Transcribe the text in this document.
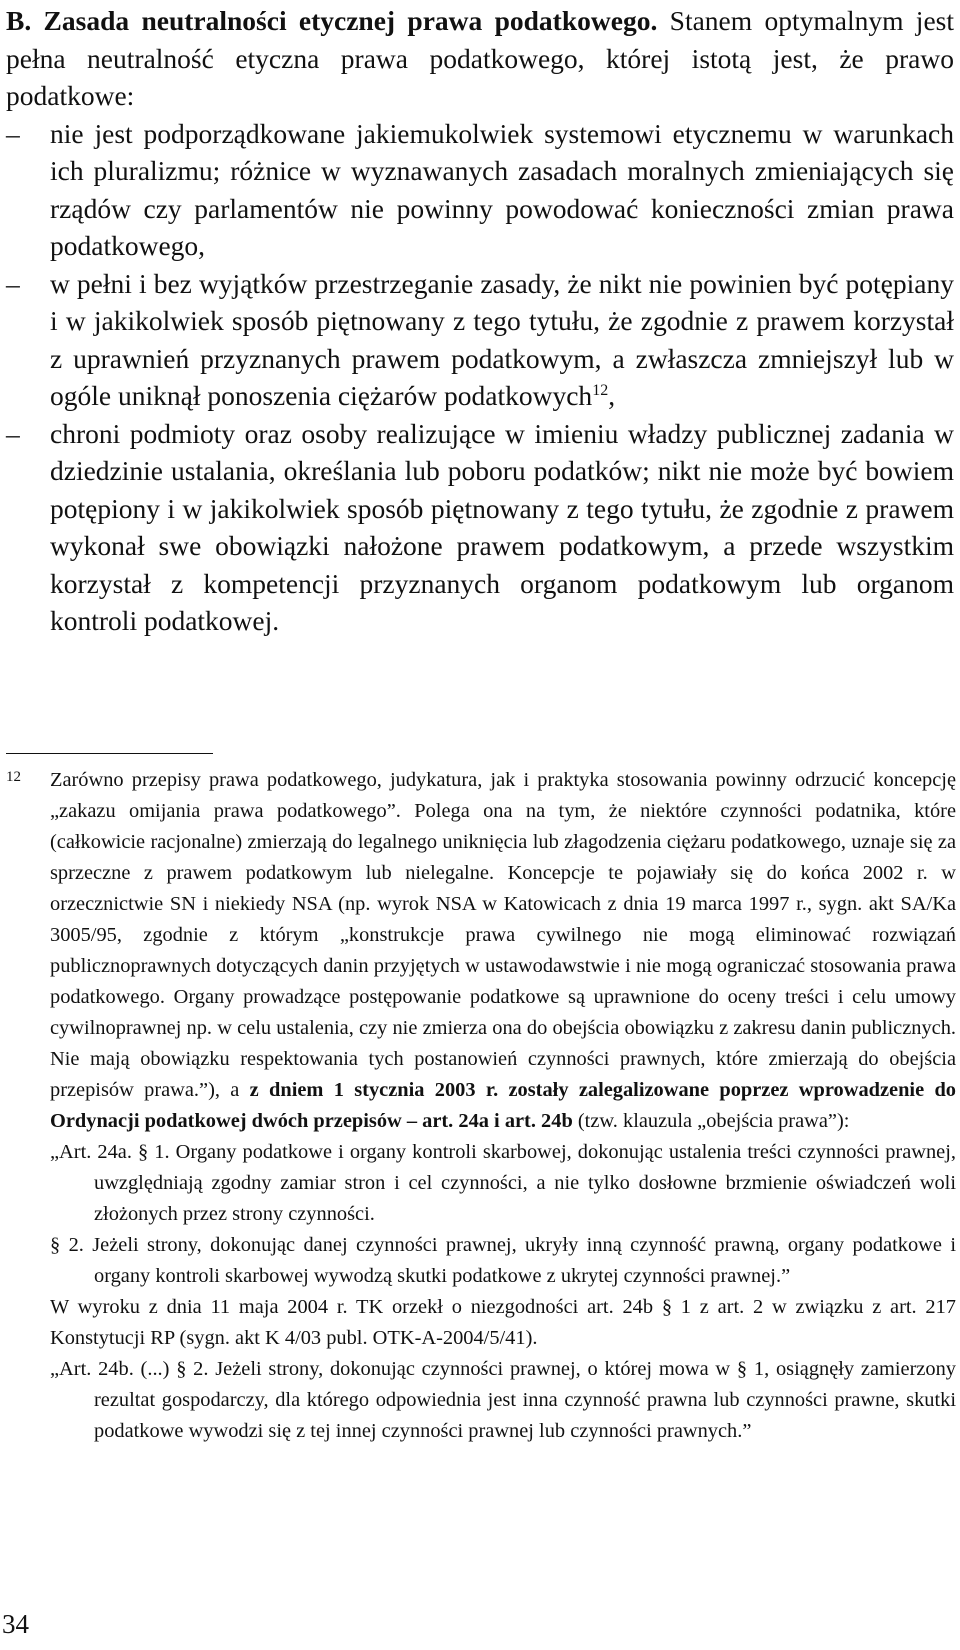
B. Zasada neutralności etycznej prawa podatkowego. Stanem optymalnym jest pełna neutralność etyczna prawa podatkowego, której istotą jest, że prawo podatkowe:

– nie jest podporządkowane jakiemukolwiek systemowi etycznemu w warunkach ich pluralizmu; różnice w wyznawanych zasadach moralnych zmieniających się rządów czy parlamentów nie powinny powodować konieczności zmian prawa podatkowego,
– w pełni i bez wyjątków przestrzeganie zasady, że nikt nie powinien być potępiany i w jakikolwiek sposób piętnowany z tego tytułu, że zgodnie z prawem korzystał z uprawnień przyznanych prawem podatkowym, a zwłaszcza zmniejszył lub w ogóle uniknął ponoszenia ciężarów podatkowych$^{12}$,
– chroni podmioty oraz osoby realizujące w imieniu władzy publicznej zadania w dziedzinie ustalania, określania lub poboru podatków; nikt nie może być bowiem potępiony i w jakikolwiek sposób piętnowany z tego tytułu, że zgodnie z prawem wykonał swe obowiązki nałożone prawem podatkowym, a przede wszystkim korzystał z kompetencji przyznanych organom podatkowym lub organom kontroli podatkowej.
12 Zarówno przepisy prawa podatkowego, judykatura, jak i praktyka stosowania powinny odrzucić koncepcję „zakazu omijania prawa podatkowego”. Polega ona na tym, że niektóre czynności podatnika, które (całkowicie racjonalne) zmierzają do legalnego uniknięcia lub złagodzenia ciężaru podatkowego, uznaje się za sprzeczne z prawem podatkowym lub nielegalne. Koncepcje te pojawiały się do końca 2002 r. w orzecznictwie SN i niekiedy NSA (np. wyrok NSA w Katowicach z dnia 19 marca 1997 r., sygn. akt SA/Ka 3005/95, zgodnie z którym „konstrukcje prawa cywilnego nie mogą eliminować rozwiązań publicznoprawnych dotyczących danin przyjętych w ustawodawstwie i nie mogą ograniczać stosowania prawa podatkowego. Organy prowadzące postępowanie podatkowe są uprawnione do oceny treści i celu umowy cywilnoprawnej np. w celu ustalenia, czy nie zmierza ona do obejścia obowiązku z zakresu danin publicznych. Nie mają obowiązku respektowania tych postanowień czynności prawnych, które zmierzają do obejścia przepisów prawa.”), a z dniem 1 stycznia 2003 r. zostały zalegalizowane poprzez wprowadzenie do Ordynacji podatkowej dwóch przepisów – art. 24a i art. 24b (tzw. klauzula „obejścia prawa”):

„Art. 24a. § 1. Organy podatkowe i organy kontroli skarbowej, dokonując ustalenia treści czynności prawnej, uwzględniają zgodny zamiar stron i cel czynności, a nie tylko dosłowne brzmienie oświadczeń woli złożonych przez strony czynności.

§ 2. Jeżeli strony, dokonując danej czynności prawnej, ukryły inną czynność prawną, organy podatkowe i organy kontroli skarbowej wywodzą skutki podatkowe z ukrytej czynności prawnej.”

W wyroku z dnia 11 maja 2004 r. TK orzekł o niezgodności art. 24b § 1 z art. 2 w związku z art. 217 Konstytucji RP (sygn. akt K 4/03 publ. OTK-A-2004/5/41).

„Art. 24b. (...) § 2. Jeżeli strony, dokonując czynności prawnej, o której mowa w § 1, osiągnęły zamierzony rezultat gospodarczy, dla którego odpowiednia jest inna czynność prawna lub czynności prawne, skutki podatkowe wywodzi się z tej innej czynności prawnej lub czynności prawnych.”

34
